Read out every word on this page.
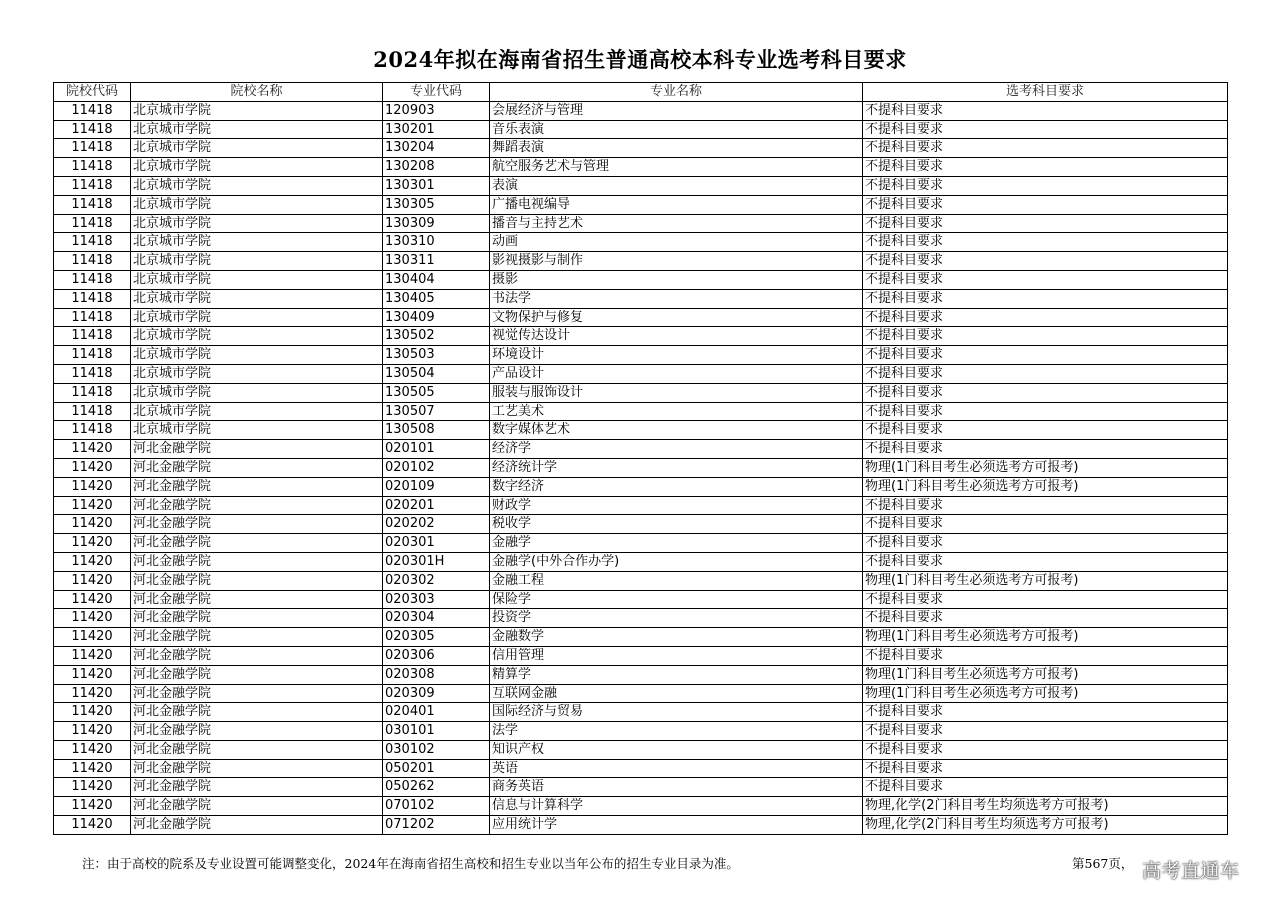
2024年拟在海南省招生普通高校本科专业选考科目要求
院校代码	院校名称	专业代码	专业名称	选考科目要求
11418	北京城市学院	120903	会展经济与管理	不提科目要求
11418	北京城市学院	130201	音乐表演	不提科目要求
11418	北京城市学院	130204	舞蹈表演	不提科目要求
11418	北京城市学院	130208	航空服务艺术与管理	不提科目要求
11418	北京城市学院	130301	表演	不提科目要求
11418	北京城市学院	130305	广播电视编导	不提科目要求
11418	北京城市学院	130309	播音与主持艺术	不提科目要求
11418	北京城市学院	130310	动画	不提科目要求
11418	北京城市学院	130311	影视摄影与制作	不提科目要求
11418	北京城市学院	130404	摄影	不提科目要求
11418	北京城市学院	130405	书法学	不提科目要求
11418	北京城市学院	130409	文物保护与修复	不提科目要求
11418	北京城市学院	130502	视觉传达设计	不提科目要求
11418	北京城市学院	130503	环境设计	不提科目要求
11418	北京城市学院	130504	产品设计	不提科目要求
11418	北京城市学院	130505	服装与服饰设计	不提科目要求
11418	北京城市学院	130507	工艺美术	不提科目要求
11418	北京城市学院	130508	数字媒体艺术	不提科目要求
11420	河北金融学院	020101	经济学	不提科目要求
11420	河北金融学院	020102	经济统计学	物理(1门科目考生必须选考方可报考)
11420	河北金融学院	020109	数字经济	物理(1门科目考生必须选考方可报考)
11420	河北金融学院	020201	财政学	不提科目要求
11420	河北金融学院	020202	税收学	不提科目要求
11420	河北金融学院	020301	金融学	不提科目要求
11420	河北金融学院	020301H	金融学(中外合作办学)	不提科目要求
11420	河北金融学院	020302	金融工程	物理(1门科目考生必须选考方可报考)
11420	河北金融学院	020303	保险学	不提科目要求
11420	河北金融学院	020304	投资学	不提科目要求
11420	河北金融学院	020305	金融数学	物理(1门科目考生必须选考方可报考)
11420	河北金融学院	020306	信用管理	不提科目要求
11420	河北金融学院	020308	精算学	物理(1门科目考生必须选考方可报考)
11420	河北金融学院	020309	互联网金融	物理(1门科目考生必须选考方可报考)
11420	河北金融学院	020401	国际经济与贸易	不提科目要求
11420	河北金融学院	030101	法学	不提科目要求
11420	河北金融学院	030102	知识产权	不提科目要求
11420	河北金融学院	050201	英语	不提科目要求
11420	河北金融学院	050262	商务英语	不提科目要求
11420	河北金融学院	070102	信息与计算科学	物理,化学(2门科目考生均须选考方可报考)
11420	河北金融学院	071202	应用统计学	物理,化学(2门科目考生均须选考方可报考)
注：由于高校的院系及专业设置可能调整变化，2024年在海南省招生高校和招生专业以当年公布的招生专业目录为准。	第567页， 高考直通车
